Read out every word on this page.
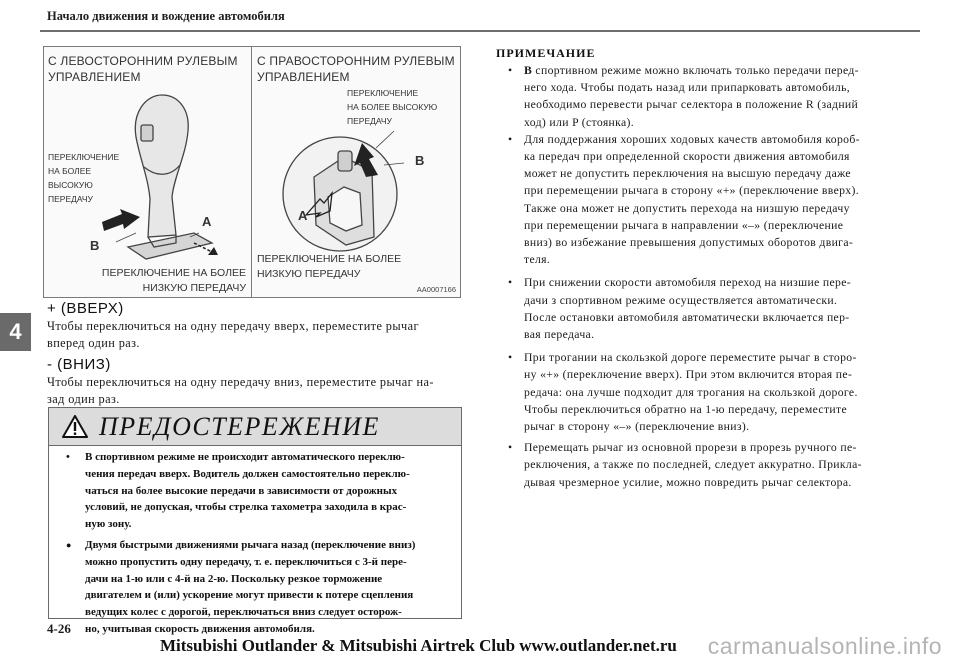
Начало движения и вождение автомобиля
4
С ЛЕВОСТОРОННИМ РУЛЕВЫМ
УПРАВЛЕНИЕМ
С ПРАВОСТОРОННИМ РУЛЕВЫМ
УПРАВЛЕНИЕМ
ПЕРЕКЛЮЧЕНИЕ
НА БОЛЕЕ
ВЫСОКУЮ
ПЕРЕДАЧУ
ПЕРЕКЛЮЧЕНИЕ
НА БОЛЕЕ ВЫСОКУЮ
ПЕРЕДАЧУ
A
B
B
A
ПЕРЕКЛЮЧЕНИЕ НА БОЛЕЕ
НИЗКУЮ ПЕРЕДАЧУ
ПЕРЕКЛЮЧЕНИЕ НА БОЛЕЕ
НИЗКУЮ ПЕРЕДАЧУ
AA0007166
+ (ВВЕРХ)
Чтобы переключиться на одну передачу вверх, переместите рычаг
вперед один раз.
- (ВНИЗ)
Чтобы переключиться на одну передачу вниз, переместите рычаг на-
зад один раз.
ПРЕДОСТЕРЕЖЕНИЕ
• В спортивном режиме не происходит автоматического переклю-
чения передач вверх. Водитель должен самостоятельно переклю-
чаться на более высокие передачи в зависимости от дорожных
условий, не допуская, чтобы стрелка тахометра заходила в крас-
ную зону.
● Двумя быстрыми движениями рычага назад (переключение вниз)
можно пропустить одну передачу, т. е. переключиться с 3-й пере-
дачи на 1-ю или с 4-й на 2-ю. Поскольку резкое торможение
двигателем и (или) ускорение могут привести к потере сцепления
ведущих колес с дорогой, переключаться вниз следует осторож-
но, учитывая скорость движения автомобиля.
ПРИМЕЧАНИЕ
• В спортивном режиме можно включать только передачи перед-
него хода. Чтобы подать назад или припарковать автомобиль,
необходимо перевести рычаг селектора в положение R (задний
ход) или P (стоянка).
• Для поддержания хороших ходовых качеств автомобиля короб-
ка передач при определенной скорости движения автомобиля
может не допустить переключения на высшую передачу даже
при перемещении рычага в сторону «+» (переключение вверх).
Также она может не допустить перехода на низшую передачу
при перемещении рычага в направлении «–» (переключение
вниз) во избежание превышения допустимых оборотов двига-
теля.
• При снижении скорости автомобиля переход на низшие пере-
дачи з спортивном режиме осуществляется автоматически.
После остановки автомобиля автоматически включается пер-
вая передача.
• При трогании на скользкой дороге переместите рычаг в сторо-
ну «+» (переключение вверх). При этом включится вторая пе-
редача: она лучше подходит для трогания на скользкой дороге.
Чтобы переключиться обратно на 1-ю передачу, переместите
рычаг в сторону «–» (переключение вниз).
• Перемещать рычаг из основной прорези в прорезь ручного пе-
реключения, а также по последней, следует аккуратно. Прикла-
дывая чрезмерное усилие, можно повредить рычаг селектора.
4-26
Mitsubishi Outlander & Mitsubishi Airtrek Club www.outlander.net.ru carmanualsonline.info
